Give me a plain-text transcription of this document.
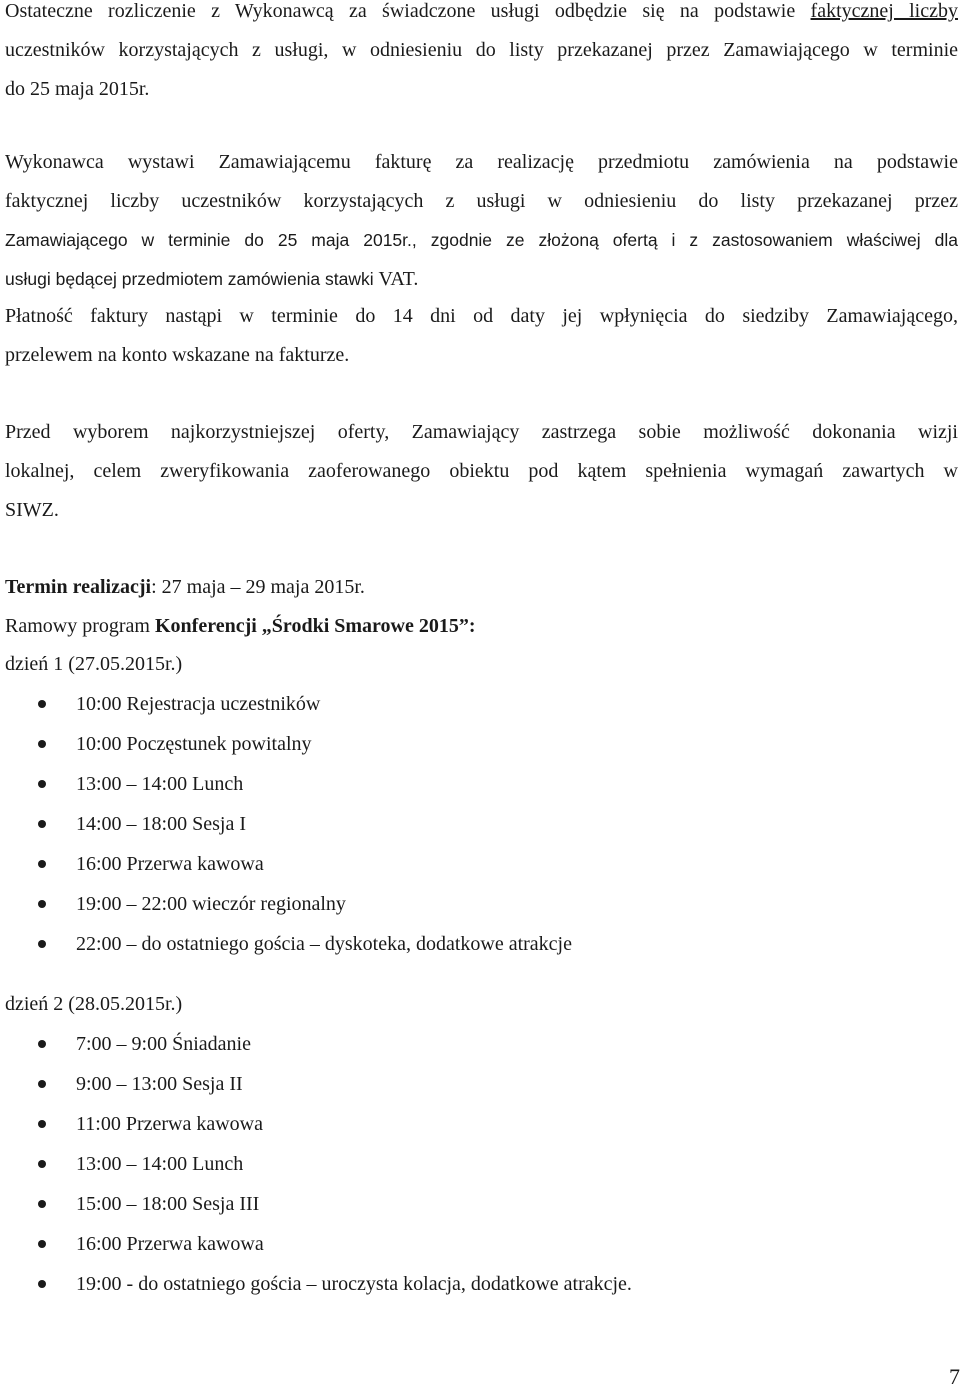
Ostateczne rozliczenie z Wykonawcą za świadczone usługi odbędzie się na podstawie faktycznej liczby
uczestników korzystających z usługi, w odniesieniu do listy przekazanej przez Zamawiającego w terminie
do 25 maja 2015r.
Wykonawca wystawi Zamawiającemu fakturę za realizację przedmiotu zamówienia na podstawie
faktycznej liczby uczestników korzystających z usługi w odniesieniu do listy przekazanej przez
Zamawiającego w terminie do 25 maja 2015r., zgodnie ze złożoną ofertą i z zastosowaniem właściwej dla
usługi będącej przedmiotem zamówienia stawki VAT.
Płatność faktury nastąpi w terminie do 14 dni od daty jej wpłynięcia do siedziby Zamawiającego,
przelewem na konto wskazane na fakturze.
Przed wyborem najkorzystniejszej oferty, Zamawiający zastrzega sobie możliwość dokonania wizji
lokalnej, celem zweryfikowania zaoferowanego obiektu pod kątem spełnienia wymagań zawartych w
SIWZ.
Termin realizacji: 27 maja – 29 maja 2015r.
Ramowy program Konferencji „Środki Smarowe 2015”:
dzień 1 (27.05.2015r.)
10:00 Rejestracja uczestników
10:00 Poczęstunek powitalny
13:00 – 14:00 Lunch
14:00 – 18:00 Sesja I
16:00 Przerwa kawowa
19:00 – 22:00 wieczór regionalny
22:00 – do ostatniego gościa – dyskoteka, dodatkowe atrakcje
dzień 2 (28.05.2015r.)
7:00 – 9:00 Śniadanie
9:00 – 13:00 Sesja II
11:00 Przerwa kawowa
13:00 – 14:00 Lunch
15:00 – 18:00 Sesja III
16:00 Przerwa kawowa
19:00 - do ostatniego gościa – uroczysta kolacja, dodatkowe atrakcje.
7
